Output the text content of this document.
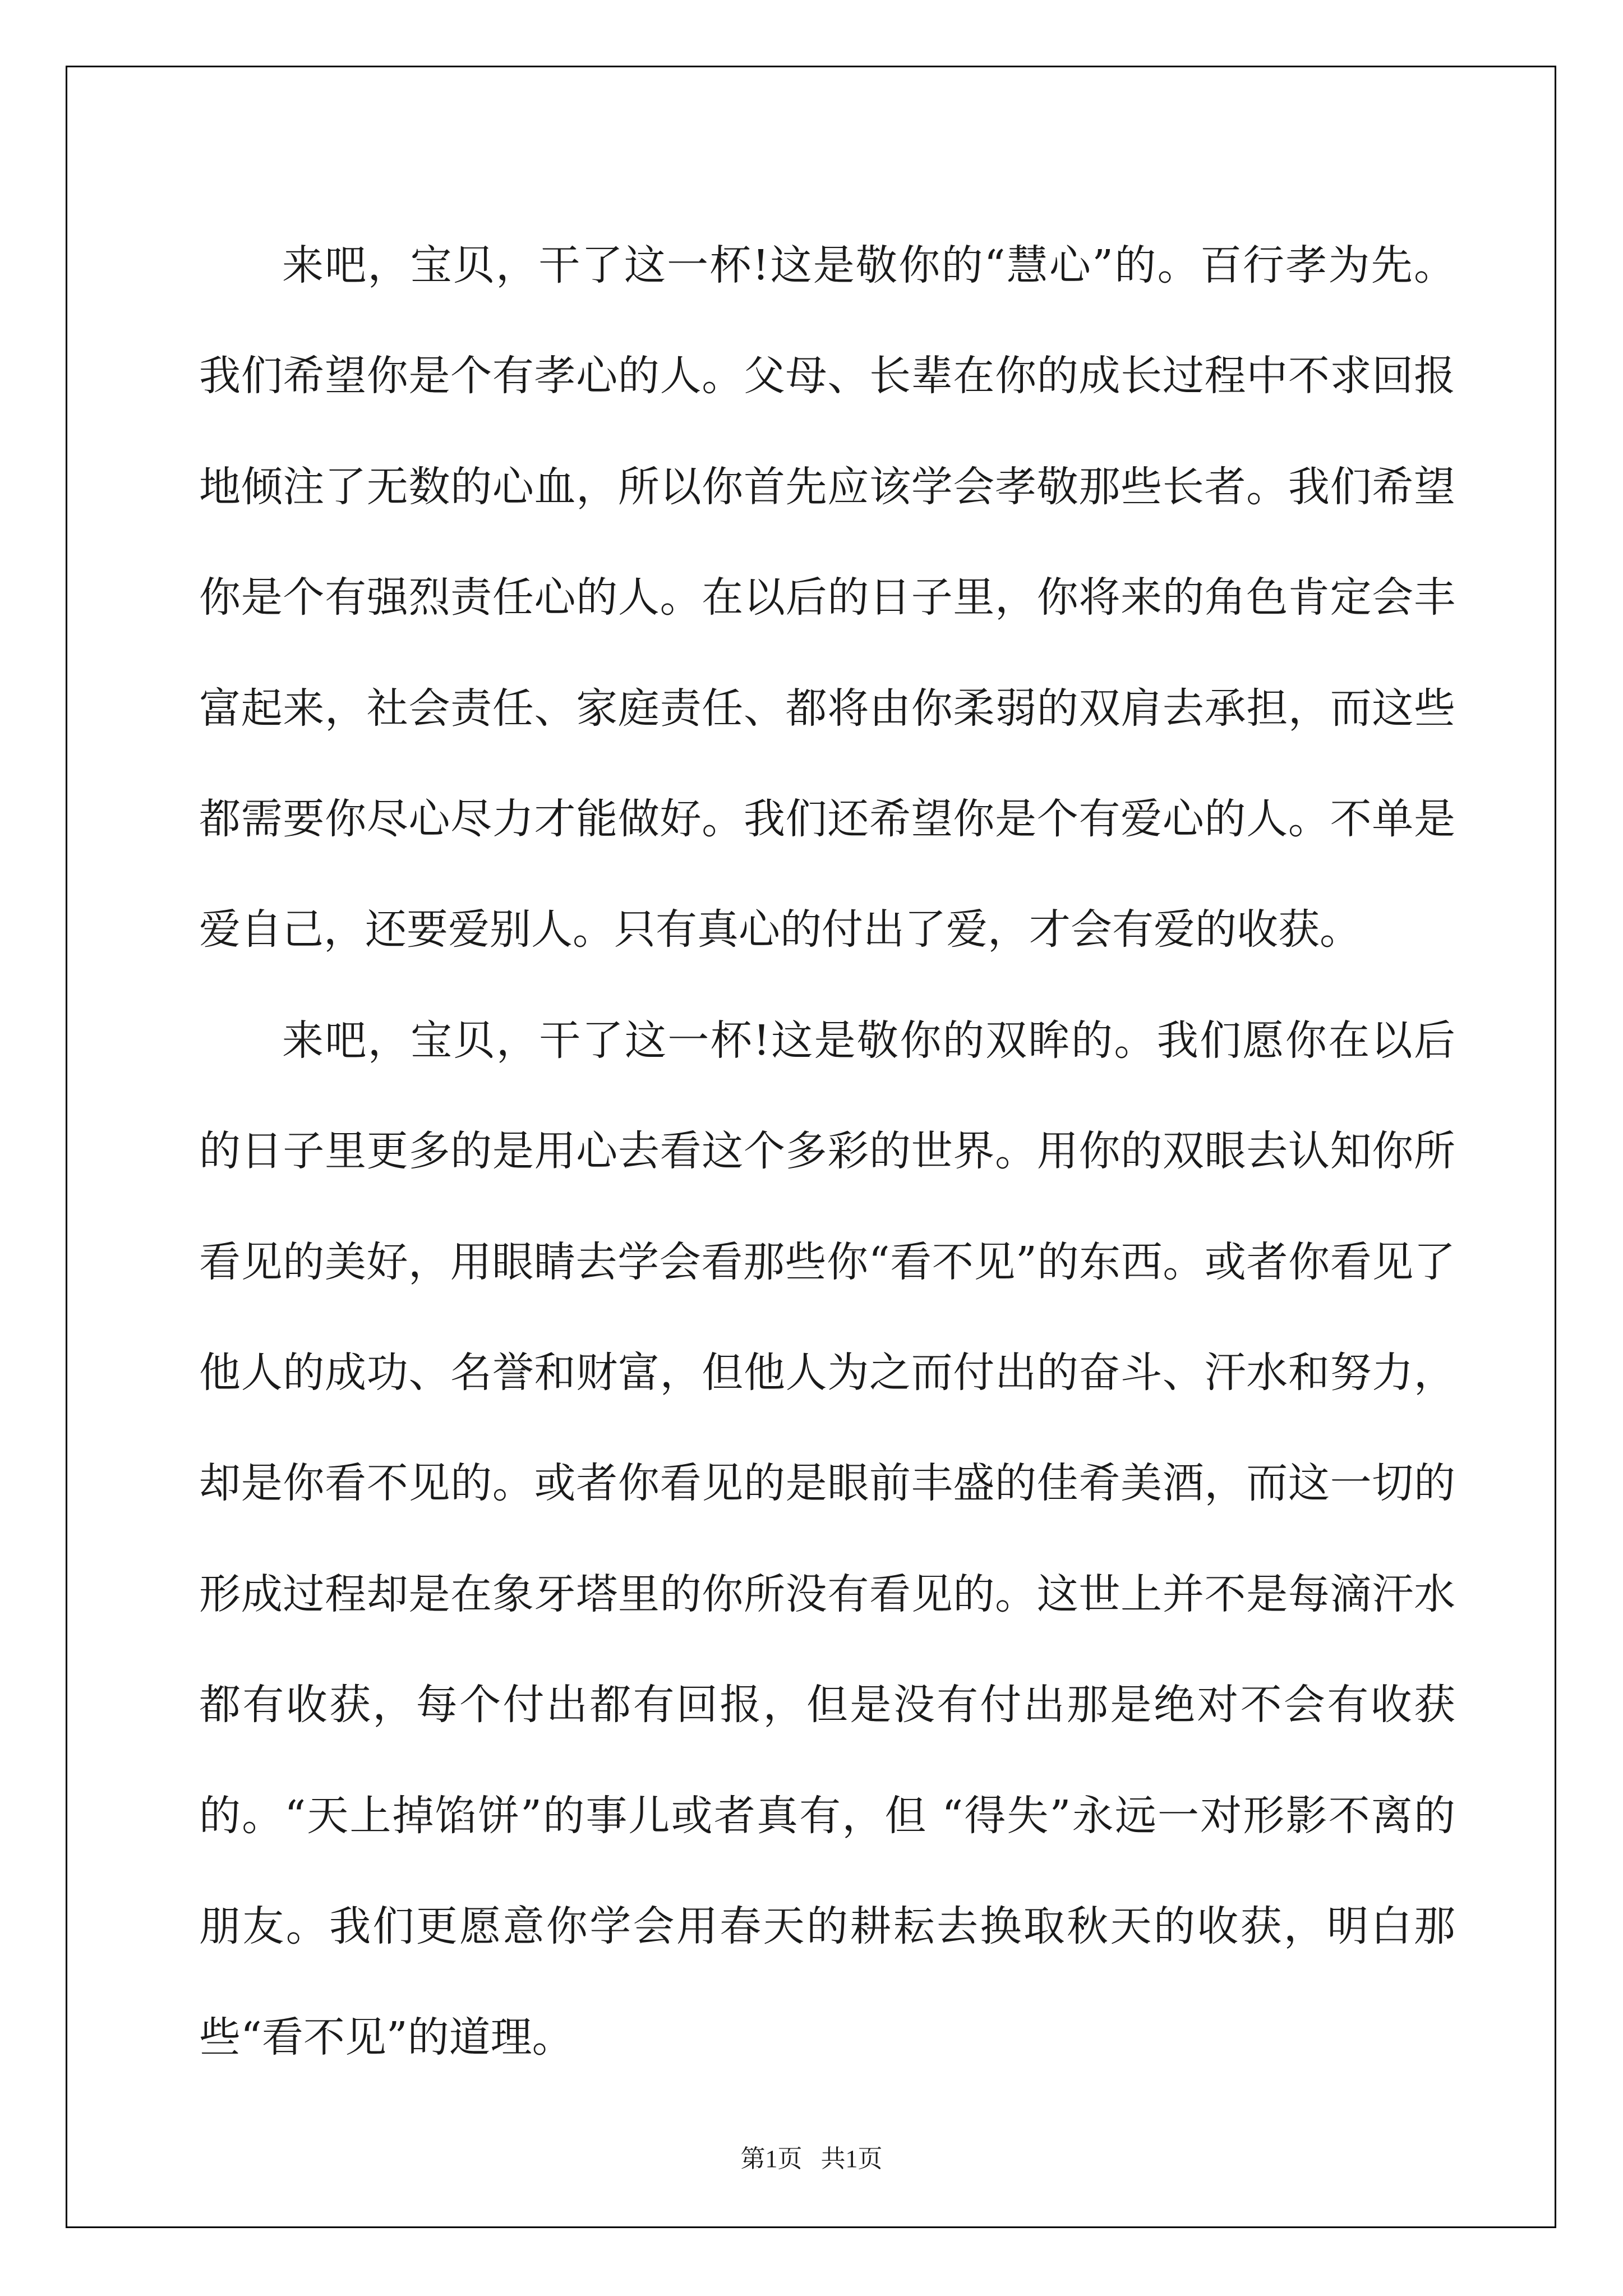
来吧，宝贝，干了这一杯!这是敬你的“慧心”的。百行孝为先。我们希望你是个有孝心的人。父母、长辈在你的成长过程中不求回报地倾注了无数的心血，所以你首先应该学会孝敬那些长者。我们希望你是个有强烈责任心的人。在以后的日子里，你将来的角色肯定会丰富起来，社会责任、家庭责任、都将由你柔弱的双肩去承担，而这些都需要你尽心尽力才能做好。我们还希望你是个有爱心的人。不单是爱自己，还要爱别人。只有真心的付出了爱，才会有爱的收获。

来吧，宝贝，干了这一杯!这是敬你的双眸的。我们愿你在以后的日子里更多的是用心去看这个多彩的世界。用你的双眼去认知你所看见的美好，用眼睛去学会看那些你“看不见”的东西。或者你看见了他人的成功、名誉和财富，但他人为之而付出的奋斗、汗水和努力，却是你看不见的。或者你看见的是眼前丰盛的佳肴美酒，而这一切的形成过程却是在象牙塔里的你所没有看见的。这世上并不是每滴汗水都有收获，每个付出都有回报，但是没有付出那是绝对不会有收获的。“天上掉馅饼”的事儿或者真有，但 “得失”永远一对形影不离的朋友。我们更愿意你学会用春天的耕耘去换取秋天的收获，明白那些“看不见”的道理。

第1页   共1页
